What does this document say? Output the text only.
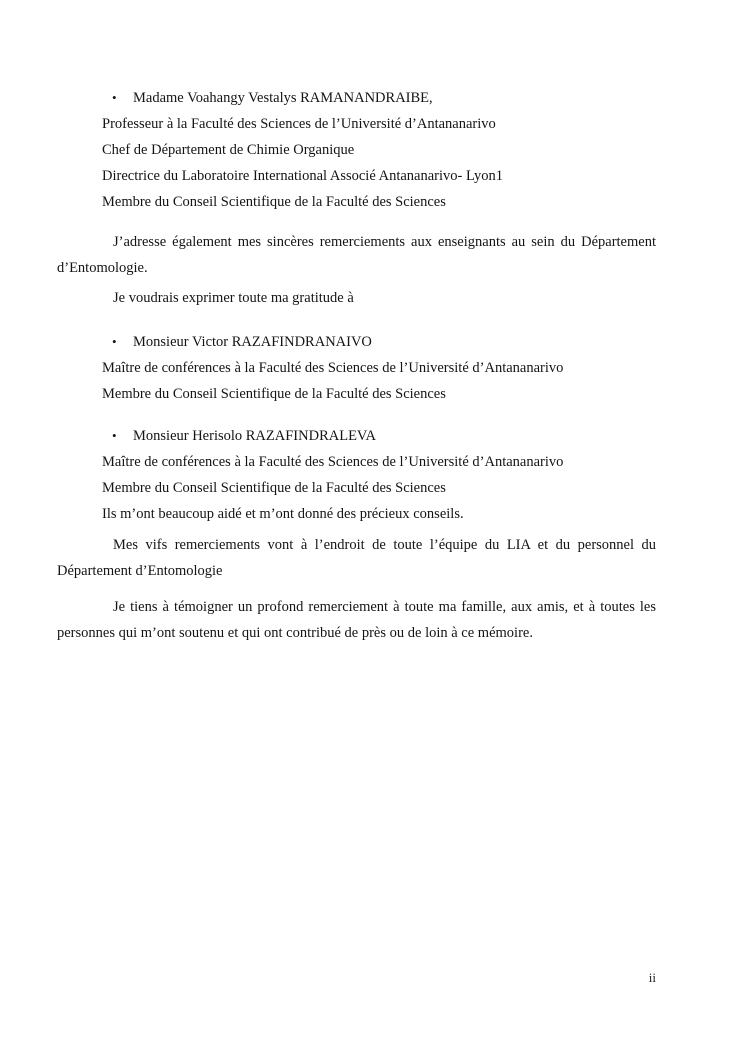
• Madame Voahangy Vestalys RAMANANDRAIBE,
Professeur à la Faculté des Sciences de l’Université d’Antananarivo
Chef de Département de Chimie Organique
Directrice du Laboratoire International Associé Antananarivo- Lyon1
Membre du Conseil Scientifique de la Faculté des Sciences
J’adresse également mes sincères remerciements aux enseignants au sein du Département
d’Entomologie.
Je voudrais exprimer toute ma gratitude à
• Monsieur Victor RAZAFINDRANAIVO
Maître de conférences à la Faculté des Sciences de l’Université d’Antananarivo
Membre du Conseil Scientifique de la Faculté des Sciences
• Monsieur Herisolo RAZAFINDRALEVA
Maître de conférences à la Faculté des Sciences de l’Université d’Antananarivo
Membre du Conseil Scientifique de la Faculté des Sciences
Ils m’ont beaucoup aidé et m’ont donné des précieux conseils.
Mes vifs remerciements vont à l’endroit de toute l’équipe du LIA et du personnel du
Département d’Entomologie
Je tiens à témoigner un profond remerciement à toute ma famille, aux amis, et à toutes les
personnes qui m’ont soutenu et qui ont contribué de près ou de loin à ce mémoire.
ii
